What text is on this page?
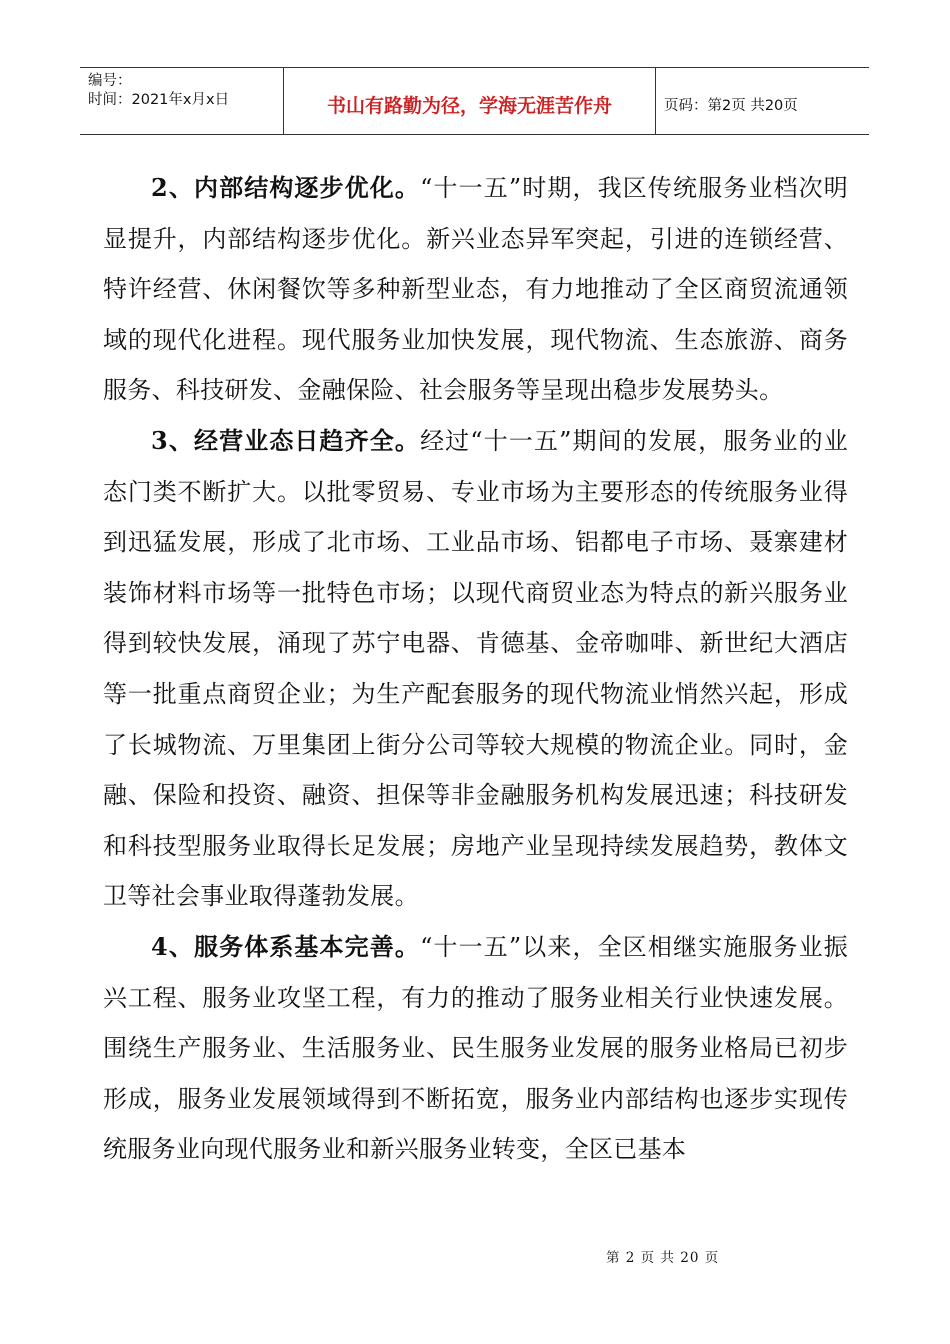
编号：
时间：2021年x月x日	书山有路勤为径，学海无涯苦作舟	页码：第2页 共20页

2、内部结构逐步优化。“十一五”时期，我区传统服务业档次明显提升，内部结构逐步优化。新兴业态异军突起，引进的连锁经营、特许经营、休闲餐饮等多种新型业态，有力地推动了全区商贸流通领域的现代化进程。现代服务业加快发展，现代物流、生态旅游、商务服务、科技研发、金融保险、社会服务等呈现出稳步发展势头。

3、经营业态日趋齐全。经过“十一五”期间的发展，服务业的业态门类不断扩大。以批零贸易、专业市场为主要形态的传统服务业得到迅猛发展，形成了北市场、工业品市场、铝都电子市场、聂寨建材装饰材料市场等一批特色市场；以现代商贸业态为特点的新兴服务业得到较快发展，涌现了苏宁电器、肯德基、金帝咖啡、新世纪大酒店等一批重点商贸企业；为生产配套服务的现代物流业悄然兴起，形成了长城物流、万里集团上街分公司等较大规模的物流企业。同时，金融、保险和投资、融资、担保等非金融服务机构发展迅速；科技研发和科技型服务业取得长足发展；房地产业呈现持续发展趋势，教体文卫等社会事业取得蓬勃发展。

4、服务体系基本完善。“十一五”以来，全区相继实施服务业振兴工程、服务业攻坚工程，有力的推动了服务业相关行业快速发展。围绕生产服务业、生活服务业、民生服务业发展的服务业格局已初步形成，服务业发展领域得到不断拓宽，服务业内部结构也逐步实现传统服务业向现代服务业和新兴服务业转变，全区已基本

第 2 页 共 20 页
